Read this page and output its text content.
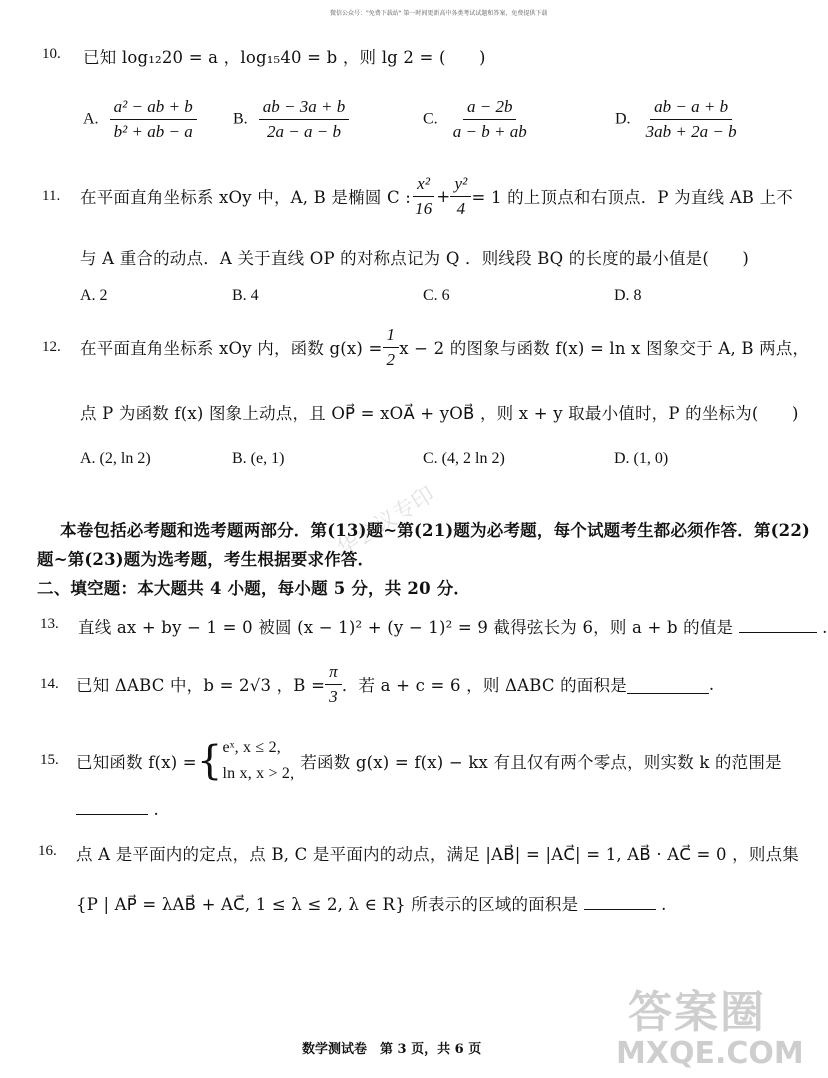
微信公众号："免费下载站" 第一时间更新高中各类考试试题和答案，免费提供下载
10. 已知 log₁₂20 = a ，log₁₅40 = b ，则 lg 2 = (　　)
A. $\frac{\text{a² − ab + b}}{\text{b² + ab − a}} B$. $\frac{ab - 3a + b}{2a - a - b}$	C. $\frac{a - 2b}{a - b + ab}$	D. $\frac{ab - a + b}{3ab + 2a - b}$
11. 在平面直角坐标系 xOy 中，A, B 是椭圆 C : $\frac{\text{x²}}{16} + \frac{\text{y²}}{4} = 1$ 的上顶点和右顶点．P 为直线 AB 上不
与 A 重合的动点．A 关于直线 OP 的对称点记为 Q ．则线段 BQ 的长度的最小值是(　　)
A. 2	B. 4	C. 6	D. 8
12. 在平面直角坐标系 xOy 内，函数 $g(x) = \frac{1}{2}$ x − 2 的图象与函数 f(x) = ln x 图象交于 A, B 两点，
点 P 为函数 f(x) 图象上动点，且 OP⃗ = xOA⃗ + yOB⃗ ，则 x + y 取最小值时，P 的坐标为(　　)
A. (2, ln 2)	B. (e, 1)	C. (4, 2 ln 2)	D. (1, 0)
华会议专印
本卷包括必考题和选考题两部分．第(13)题~第(21)题为必考题，每个试题考生都必须作答．第(22)
题~第(23)题为选考题，考生根据要求作答．
二、填空题：本大题共 4 小题，每小题 5 分，共 20 分．
13. 直线 ax + by − 1 = 0 被圆 (x − 1)² + (y − 1)² = 9 截得弦长为 6，则 a + b 的值是	.
14. 已知 ΔABC 中，b = 2√3 ，$B = \frac{\pi}{3}$ ．若 a + c = 6 ，则 ΔABC 的面积是	.
15. 已知函数 f(x) = { eˣ, x ≤ 2,
ln x, x > 2,
若函数 g(x) = f(x) − kx 有且仅有两个零点，则实数 k 的范围是
.
16. 点 A 是平面内的定点，点 B, C 是平面内的动点，满足 |AB⃗| = |AC⃗| = 1, AB⃗ · AC⃗ = 0 ，则点集
{P | AP⃗ = λAB⃗ + AC⃗, 1 ≤ λ ≤ 2, λ ∈ R} 所表示的区域的面积是	.
答案圈
MXQE.COM
数学测试卷　第 3 页，共 6 页
